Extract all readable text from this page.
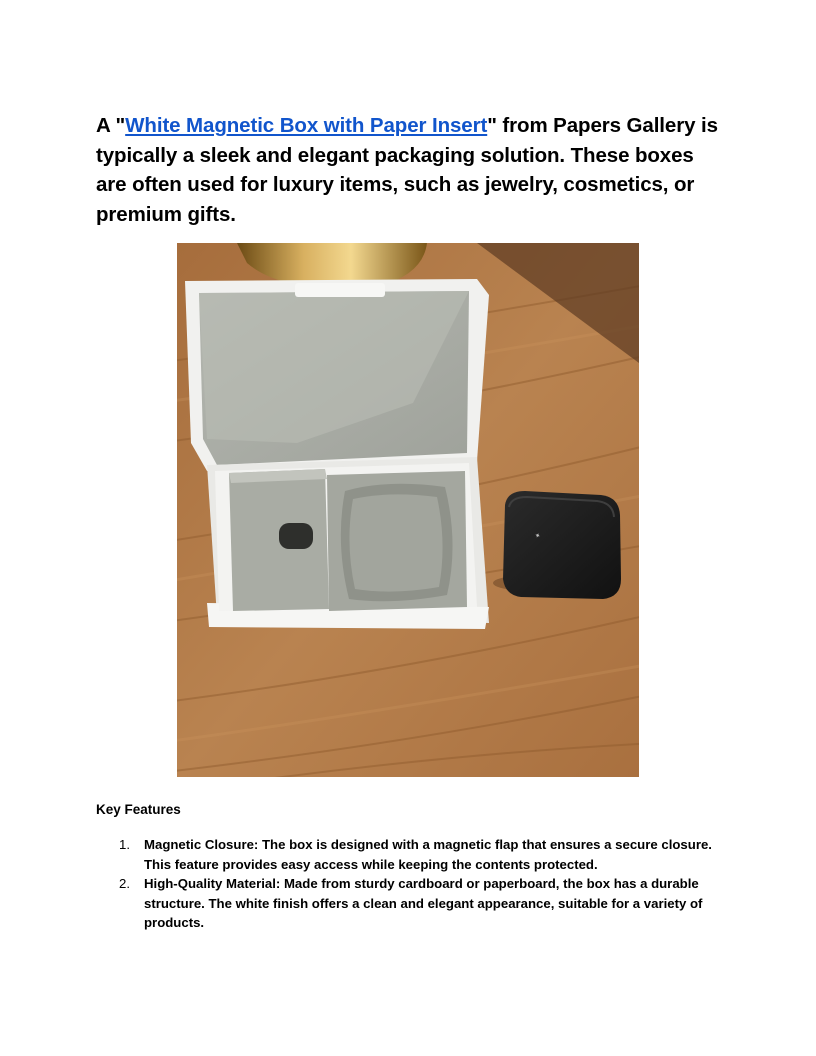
A "White Magnetic Box with Paper Insert" from Papers Gallery is typically a sleek and elegant packaging solution. These boxes are often used for luxury items, such as jewelry, cosmetics, or premium gifts.

✦
Key Features
1. Magnetic Closure: The box is designed with a magnetic flap that ensures a secure closure. This feature provides easy access while keeping the contents protected.
2. High-Quality Material: Made from sturdy cardboard or paperboard, the box has a durable structure. The white finish offers a clean and elegant appearance, suitable for a variety of products.
